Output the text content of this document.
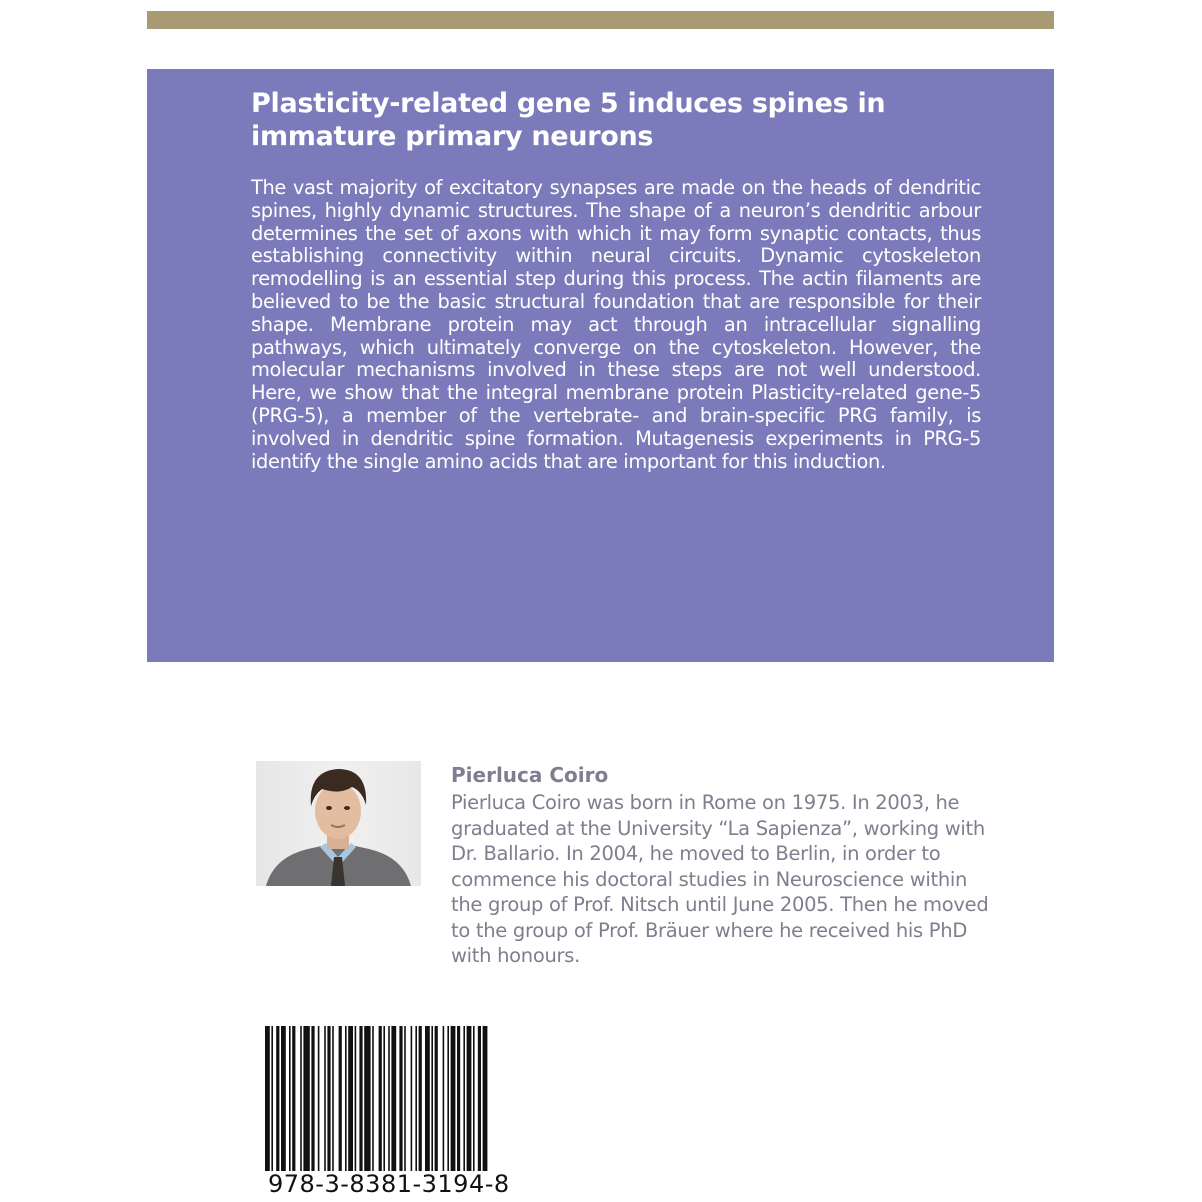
Plasticity-related gene 5 induces spines in immature primary neurons

The vast majority of excitatory synapses are made on the heads of dendritic spines, highly dynamic structures. The shape of a neuron’s dendritic arbour determines the set of axons with which it may form synaptic contacts, thus establishing connectivity within neural circuits. Dynamic cytoskeleton remodelling is an essential step during this process. The actin filaments are believed to be the basic structural foundation that are responsible for their shape. Membrane protein may act through an intracellular signalling pathways, which ultimately converge on the cytoskeleton. However, the molecular mechanisms involved in these steps are not well understood. Here, we show that the integral membrane protein Plasticity-related gene-5 (PRG-5), a member of the vertebrate- and brain-specific PRG family, is involved in dendritic spine formation. Mutagenesis experiments in PRG-5 identify the single amino acids that are important for this induction.

Pierluca Coiro

Pierluca Coiro was born in Rome on 1975. In 2003, he graduated at the University “La Sapienza”, working with Dr. Ballario. In 2004, he moved to Berlin, in order to commence his doctoral studies in Neuroscience within the group of Prof. Nitsch until June 2005. Then he moved to the group of Prof. Bräuer where he received his PhD with honours.

978-3-8381-3194-8
